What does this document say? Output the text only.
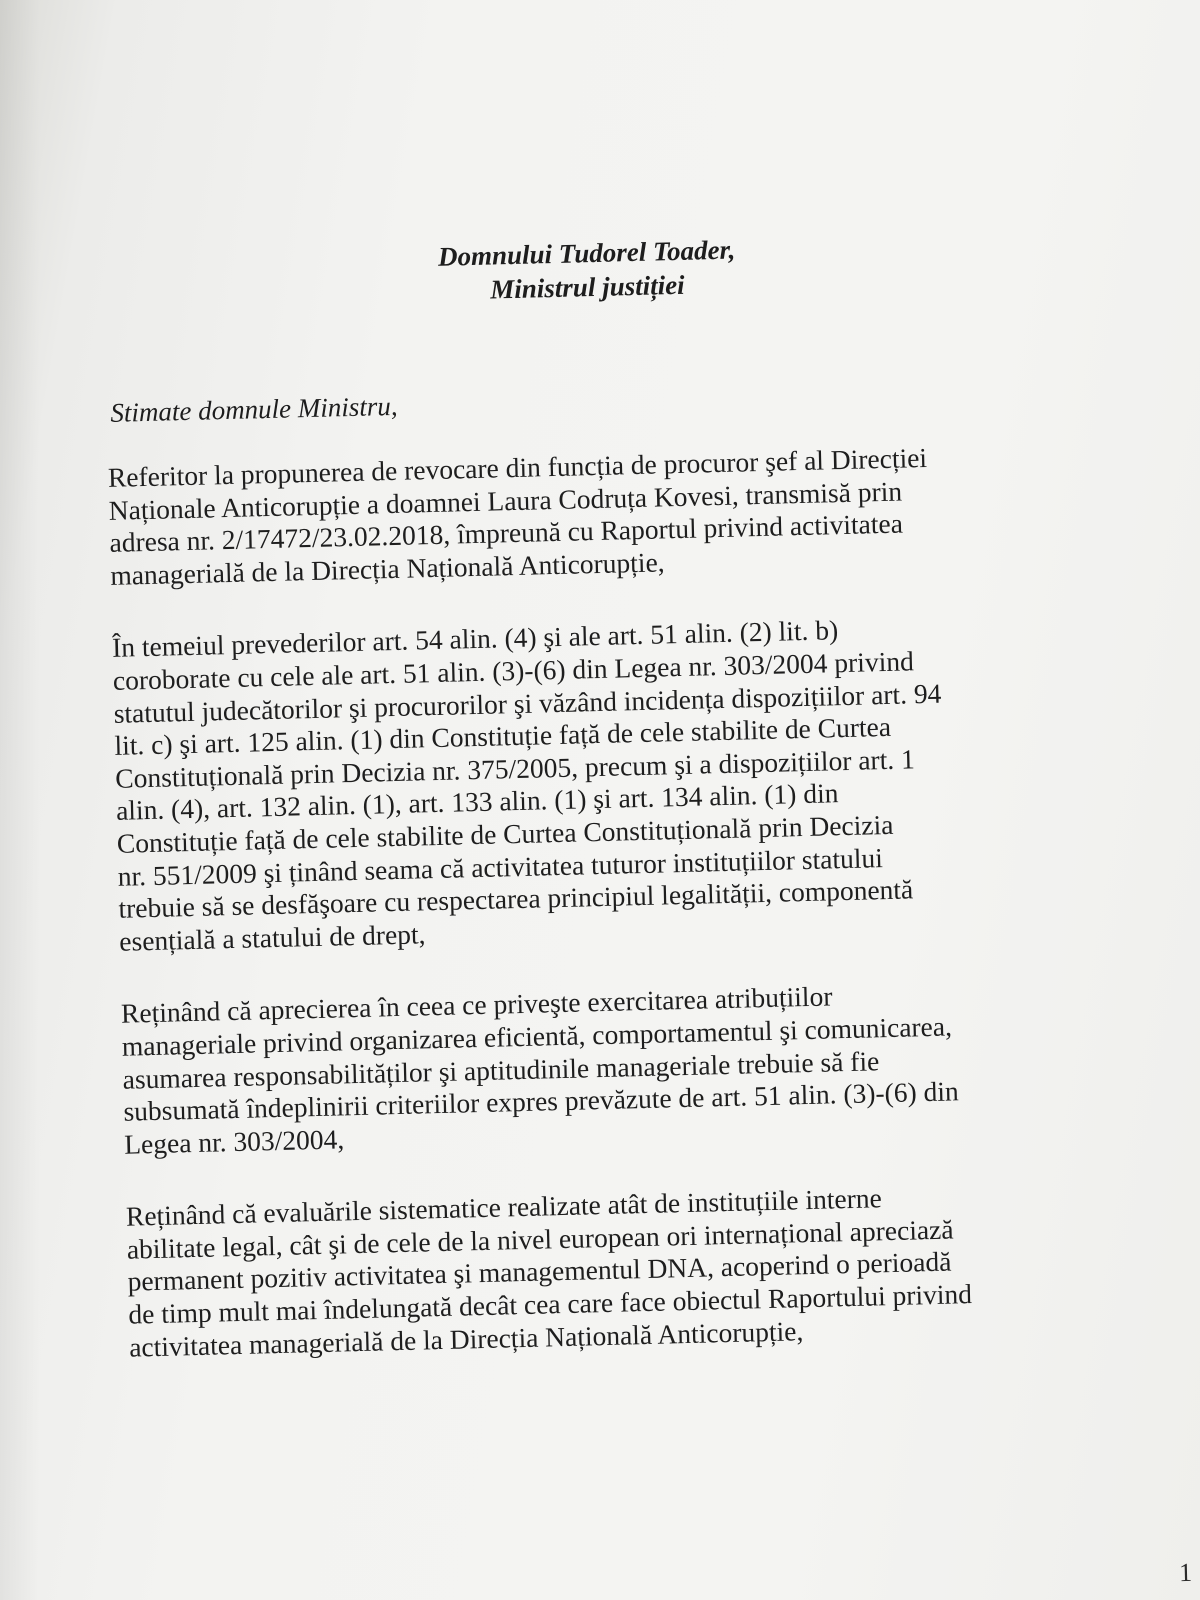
Domnului Tudorel Toader,
Ministrul justiției
Stimate domnule Ministru,

Referitor la propunerea de revocare din funcția de procuror şef al Direcției
Naționale Anticorupție a doamnei Laura Codruța Kovesi, transmisă prin
adresa nr. 2/17472/23.02.2018, împreună cu Raportul privind activitatea
managerială de la Direcția Națională Anticorupție,

În temeiul prevederilor art. 54 alin. (4) şi ale art. 51 alin. (2) lit. b)
coroborate cu cele ale art. 51 alin. (3)-(6) din Legea nr. 303/2004 privind
statutul judecătorilor şi procurorilor şi văzând incidența dispozițiilor art. 94
lit. c) şi art. 125 alin. (1) din Constituție față de cele stabilite de Curtea
Constituțională prin Decizia nr. 375/2005, precum şi a dispozițiilor art. 1
alin. (4), art. 132 alin. (1), art. 133 alin. (1) şi art. 134 alin. (1) din
Constituție față de cele stabilite de Curtea Constituțională prin Decizia
nr. 551/2009 şi ținând seama că activitatea tuturor instituțiilor statului
trebuie să se desfăşoare cu respectarea principiul legalității, componentă
esențială a statului de drept,

Reținând că aprecierea în ceea ce priveşte exercitarea atribuțiilor
manageriale privind organizarea eficientă, comportamentul şi comunicarea,
asumarea responsabilităților şi aptitudinile manageriale trebuie să fie
subsumată îndeplinirii criteriilor expres prevăzute de art. 51 alin. (3)-(6) din
Legea nr. 303/2004,

Reținând că evaluările sistematice realizate atât de instituțiile interne
abilitate legal, cât şi de cele de la nivel european ori internațional apreciază
permanent pozitiv activitatea şi managementul DNA, acoperind o perioadă
de timp mult mai îndelungată decât cea care face obiectul Raportului privind
activitatea managerială de la Direcția Națională Anticorupție,

1
